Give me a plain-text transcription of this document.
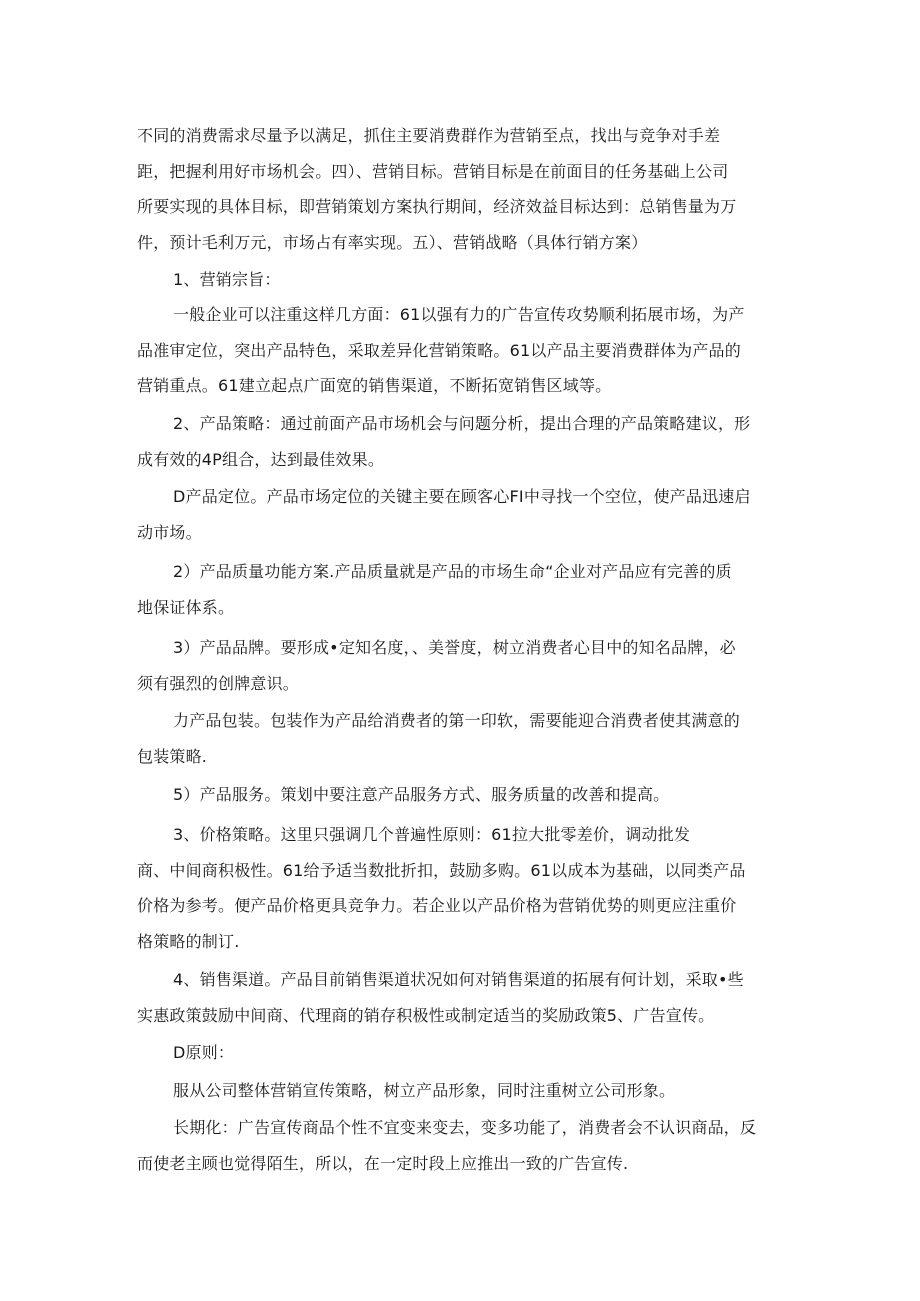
不同的消费需求尽量予以满足，抓住主要消费群作为营销至点，找出与竞争对手差
距，把握利用好市场机会。四）、营销目标。营销目标是在前面目的任务基础上公司
所要实现的具体目标，即营销策划方案执行期间，经济效益目标达到：总销售量为万
件，预计毛利万元，市场占有率实现。五）、营销战略（具体行销方案）

1、营销宗旨：

一般企业可以注重这样几方面：61以强有力的广告宣传攻势顺利拓展市场，为产
品准审定位，突出产品特色，采取差异化营销策略。61以产品主要消费群体为产品的
营销重点。61建立起点广面宽的销售渠道，不断拓宽销售区域等。

2、产品策略：通过前面产品市场机会与问题分析，提出合理的产品策略建议，形
成有效的4P组合，达到最佳效果。

D产品定位。产品市场定位的关键主要在顾客心FI中寻找一个空位，使产品迅速启
动市场。

2）产品质量功能方案.产品质量就是产品的市场生命“企业对产品应有完善的质
地保证体系。

3）产品品牌。要形成•定知名度，、美誉度，树立消费者心目中的知名品牌，必
须有强烈的创牌意识。

力产品包装。包装作为产品给消费者的第一印软，需要能迎合消费者使其满意的
包装策略.

5）产品服务。策划中要注意产品服务方式、服务质量的改善和提高。

3、价格策略。这里只强调几个普遍性原则：61拉大批零差价，调动批发
商、中间商积极性。61给予适当数批折扣，鼓励多购。61以成本为基础，以同类产品
价格为参考。便产品价格更具竞争力。若企业以产品价格为营销优势的则更应注重价
格策略的制订.

4、销售渠道。产品目前销售渠道状况如何对销售渠道的拓展有何计划，采取•些
实惠政策鼓励中间商、代理商的销存积极性或制定适当的奖励政策5、广告宣传。

D原则：

服从公司整体营销宣传策略，树立产品形象，同时注重树立公司形象。

长期化：广告宣传商品个性不宜变来变去，变多功能了，消费者会不认识商品，反
而使老主顾也觉得陌生，所以，在一定时段上应推出一致的广告宣传.
